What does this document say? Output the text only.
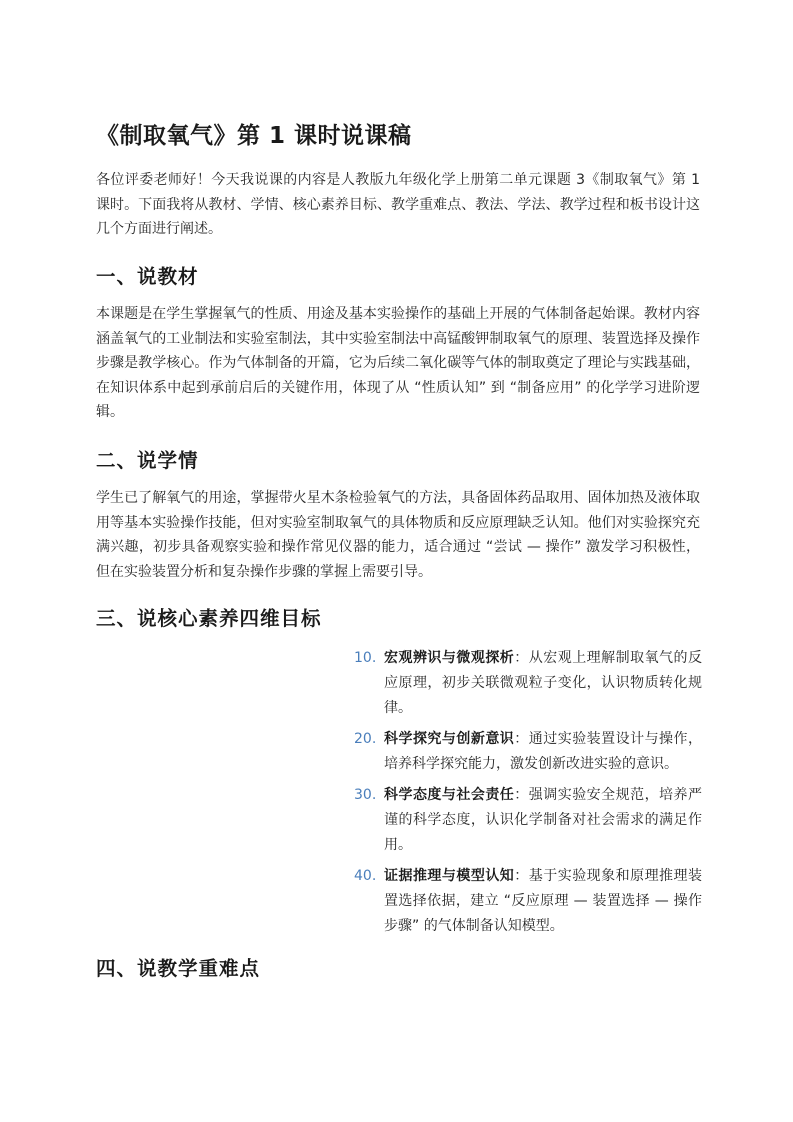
《制取氧气》第 1 课时说课稿

各位评委老师好！今天我说课的内容是人教版九年级化学上册第二单元课题 3《制取氧气》第 1 课时。下面我将从教材、学情、核心素养目标、教学重难点、教法、学法、教学过程和板书设计这几个方面进行阐述。

一、说教材

本课题是在学生掌握氧气的性质、用途及基本实验操作的基础上开展的气体制备起始课。教材内容涵盖氧气的工业制法和实验室制法，其中实验室制法中高锰酸钾制取氧气的原理、装置选择及操作步骤是教学核心。作为气体制备的开篇，它为后续二氧化碳等气体的制取奠定了理论与实践基础，在知识体系中起到承前启后的关键作用，体现了从 “性质认知” 到 “制备应用” 的化学学习进阶逻辑。

二、说学情

学生已了解氧气的用途，掌握带火星木条检验氧气的方法，具备固体药品取用、固体加热及液体取用等基本实验操作技能，但对实验室制取氧气的具体物质和反应原理缺乏认知。他们对实验探究充满兴趣，初步具备观察实验和操作常见仪器的能力，适合通过 “尝试 — 操作” 激发学习积极性，但在实验装置分析和复杂操作步骤的掌握上需要引导。

三、说核心素养四维目标
10. 宏观辨识与微观探析：从宏观上理解制取氧气的反应原理，初步关联微观粒子变化，认识物质转化规律。
20. 科学探究与创新意识：通过实验装置设计与操作，培养科学探究能力，激发创新改进实验的意识。
30. 科学态度与社会责任：强调实验安全规范，培养严谨的科学态度，认识化学制备对社会需求的满足作用。
40. 证据推理与模型认知：基于实验现象和原理推理装置选择依据，建立 “反应原理 — 装置选择 — 操作步骤” 的气体制备认知模型。
四、说教学重难点
